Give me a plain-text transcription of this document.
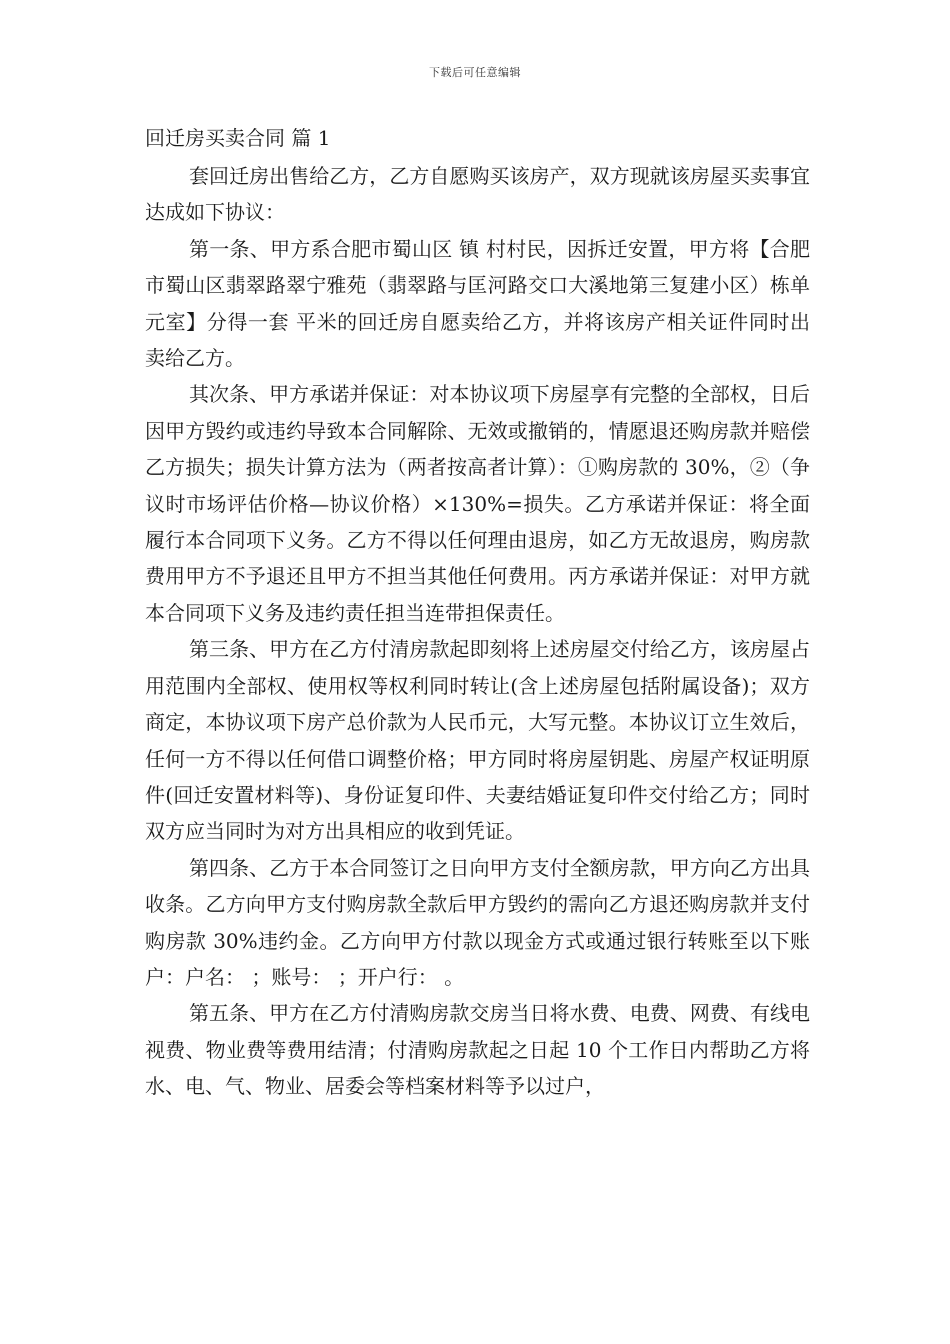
下载后可任意编辑
回迁房买卖合同 篇 1

套回迁房出售给乙方，乙方自愿购买该房产，双方现就该房屋买卖事宜达成如下协议：

第一条、甲方系合肥市蜀山区 镇 村村民，因拆迁安置，甲方将【合肥市蜀山区翡翠路翠宁雅苑（翡翠路与匡河路交口大溪地第三复建小区）栋单元室】分得一套 平米的回迁房自愿卖给乙方，并将该房产相关证件同时出卖给乙方。

其次条、甲方承诺并保证：对本协议项下房屋享有完整的全部权，日后因甲方毁约或违约导致本合同解除、无效或撤销的，情愿退还购房款并赔偿乙方损失；损失计算方法为（两者按高者计算）：①购房款的 30%，②（争议时市场评估价格—协议价格）×130%=损失。乙方承诺并保证：将全面履行本合同项下义务。乙方不得以任何理由退房，如乙方无故退房，购房款费用甲方不予退还且甲方不担当其他任何费用。丙方承诺并保证：对甲方就本合同项下义务及违约责任担当连带担保责任。

第三条、甲方在乙方付清房款起即刻将上述房屋交付给乙方，该房屋占用范围内全部权、使用权等权利同时转让(含上述房屋包括附属设备)；双方商定，本协议项下房产总价款为人民币元，大写元整。本协议订立生效后，任何一方不得以任何借口调整价格；甲方同时将房屋钥匙、房屋产权证明原件(回迁安置材料等)、身份证复印件、夫妻结婚证复印件交付给乙方；同时双方应当同时为对方出具相应的收到凭证。

第四条、乙方于本合同签订之日向甲方支付全额房款，甲方向乙方出具收条。乙方向甲方支付购房款全款后甲方毁约的需向乙方退还购房款并支付购房款 30%违约金。乙方向甲方付款以现金方式或通过银行转账至以下账户：户名： ；账号： ；开户行： 。

第五条、甲方在乙方付清购房款交房当日将水费、电费、网费、有线电视费、物业费等费用结清；付清购房款起之日起 10 个工作日内帮助乙方将水、电、气、物业、居委会等档案材料等予以过户，
